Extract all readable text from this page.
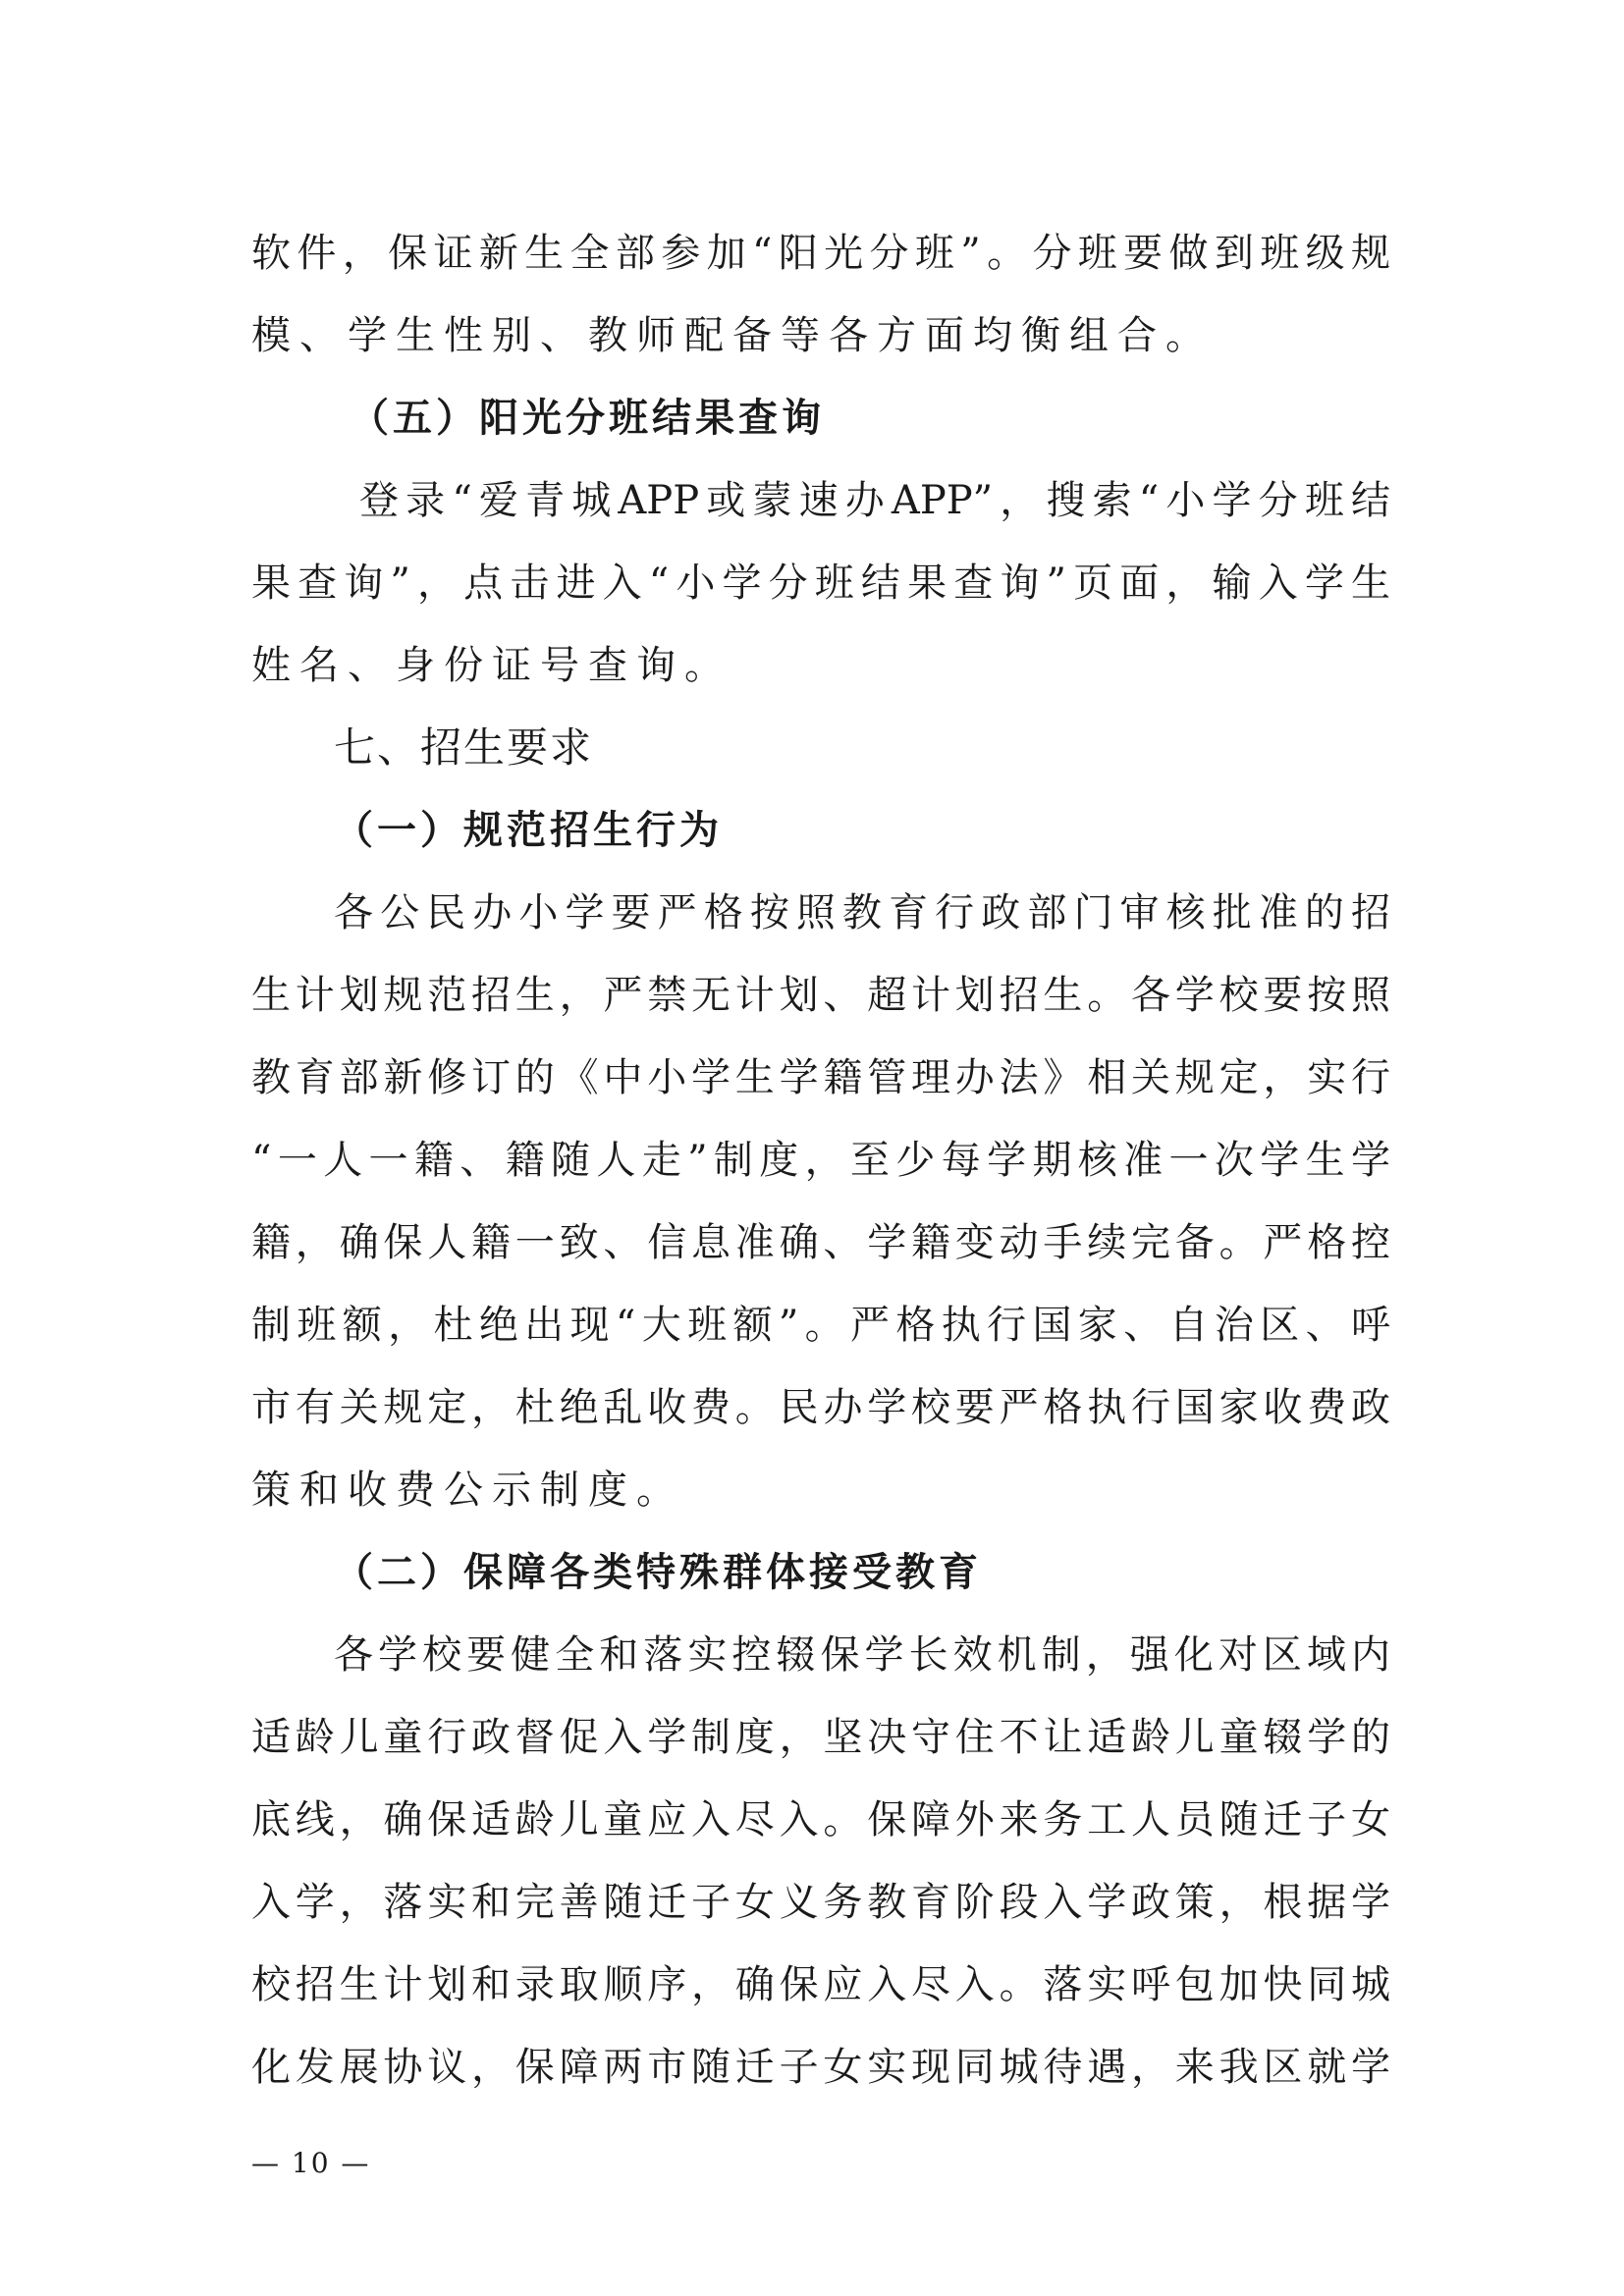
软件，保证新生全部参加“阳光分班”。分班要做到班级规
模、学生性别、教师配备等各方面均衡组合。
（五）阳光分班结果查询
登录“爱青城APP或蒙速办APP”，搜索“小学分班结
果查询”，点击进入“小学分班结果查询”页面，输入学生
姓名、身份证号查询。
七、招生要求
（一）规范招生行为
各公民办小学要严格按照教育行政部门审核批准的招
生计划规范招生，严禁无计划、超计划招生。各学校要按照
教育部新修订的《中小学生学籍管理办法》相关规定，实行
“一人一籍、籍随人走”制度，至少每学期核准一次学生学
籍，确保人籍一致、信息准确、学籍变动手续完备。严格控
制班额，杜绝出现“大班额”。严格执行国家、自治区、呼
市有关规定，杜绝乱收费。民办学校要严格执行国家收费政
策和收费公示制度。
（二）保障各类特殊群体接受教育
各学校要健全和落实控辍保学长效机制，强化对区域内
适龄儿童行政督促入学制度，坚决守住不让适龄儿童辍学的
底线，确保适龄儿童应入尽入。保障外来务工人员随迁子女
入学，落实和完善随迁子女义务教育阶段入学政策，根据学
校招生计划和录取顺序，确保应入尽入。落实呼包加快同城
化发展协议，保障两市随迁子女实现同城待遇，来我区就学
— 10 —
